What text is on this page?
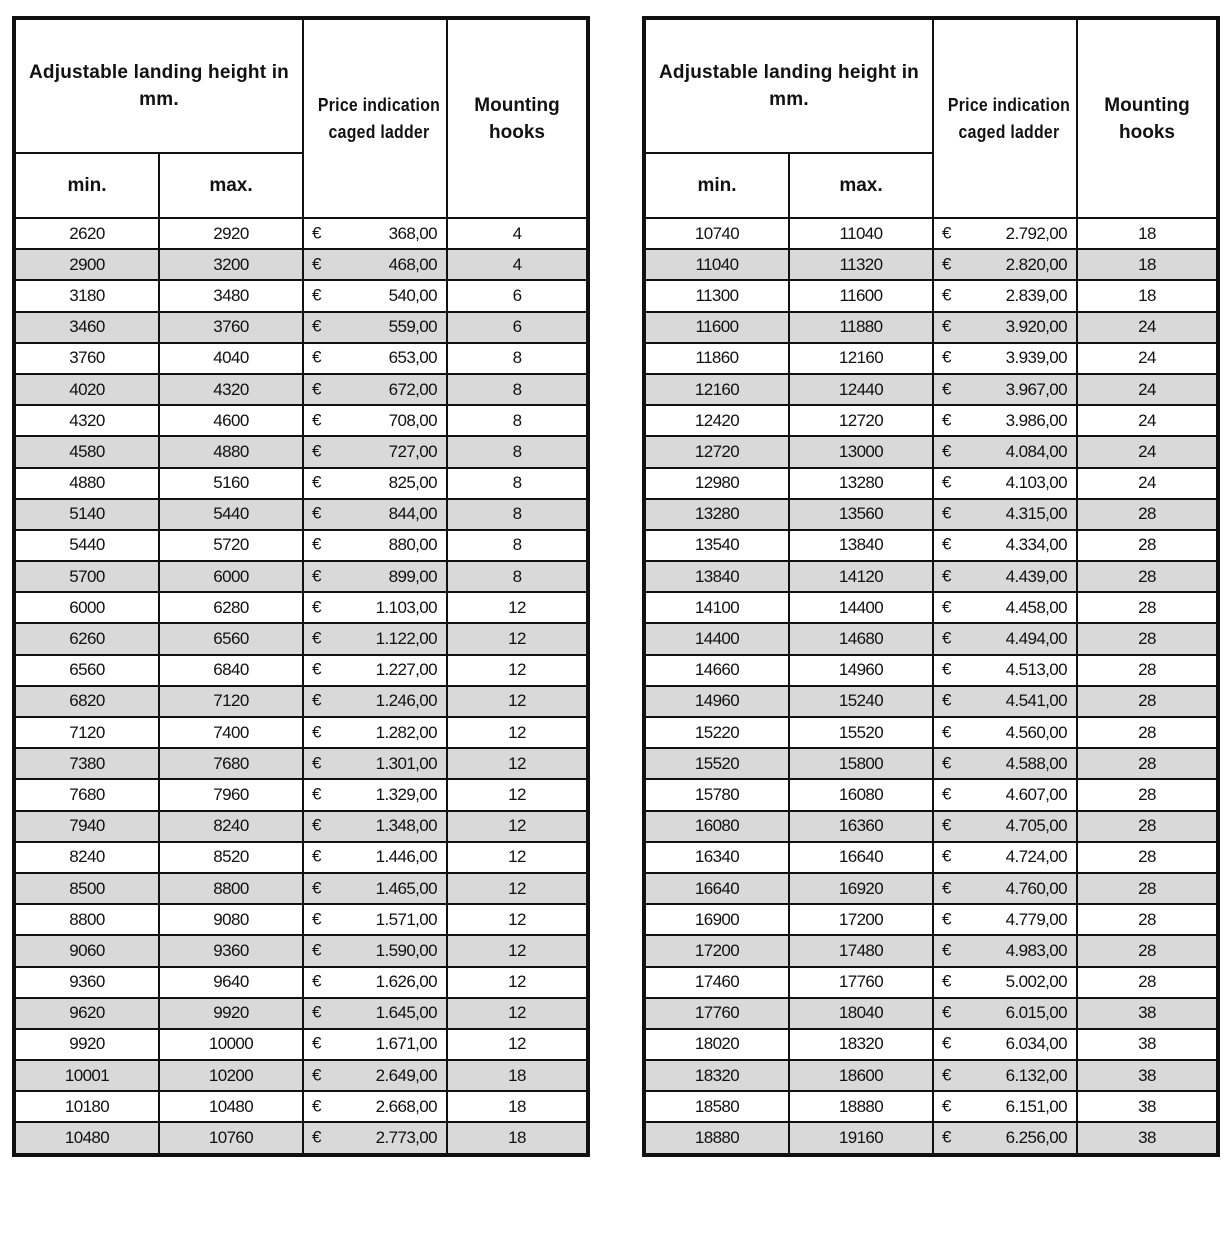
Adjustable landing height in mm.		Price indication caged ladder	Mounting hooks
min.	max.		
2620	2920	€ 368,00	4
2900	3200	€ 468,00	4
3180	3480	€ 540,00	6
3460	3760	€ 559,00	6
3760	4040	€ 653,00	8
4020	4320	€ 672,00	8
4320	4600	€ 708,00	8
4580	4880	€ 727,00	8
4880	5160	€ 825,00	8
5140	5440	€ 844,00	8
5440	5720	€ 880,00	8
5700	6000	€ 899,00	8
6000	6280	€ 1.103,00	12
6260	6560	€ 1.122,00	12
6560	6840	€ 1.227,00	12
6820	7120	€ 1.246,00	12
7120	7400	€ 1.282,00	12
7380	7680	€ 1.301,00	12
7680	7960	€ 1.329,00	12
7940	8240	€ 1.348,00	12
8240	8520	€ 1.446,00	12
8500	8800	€ 1.465,00	12
8800	9080	€ 1.571,00	12
9060	9360	€ 1.590,00	12
9360	9640	€ 1.626,00	12
9620	9920	€ 1.645,00	12
9920	10000	€ 1.671,00	12
10001	10200	€ 2.649,00	18
10180	10480	€ 2.668,00	18
10480	10760	€ 2.773,00	18
Adjustable landing height in mm.		Price indication caged ladder	Mounting hooks
min.	max.		
10740	11040	€ 2.792,00	18
11040	11320	€ 2.820,00	18
11300	11600	€ 2.839,00	18
11600	11880	€ 3.920,00	24
11860	12160	€ 3.939,00	24
12160	12440	€ 3.967,00	24
12420	12720	€ 3.986,00	24
12720	13000	€ 4.084,00	24
12980	13280	€ 4.103,00	24
13280	13560	€ 4.315,00	28
13540	13840	€ 4.334,00	28
13840	14120	€ 4.439,00	28
14100	14400	€ 4.458,00	28
14400	14680	€ 4.494,00	28
14660	14960	€ 4.513,00	28
14960	15240	€ 4.541,00	28
15220	15520	€ 4.560,00	28
15520	15800	€ 4.588,00	28
15780	16080	€ 4.607,00	28
16080	16360	€ 4.705,00	28
16340	16640	€ 4.724,00	28
16640	16920	€ 4.760,00	28
16900	17200	€ 4.779,00	28
17200	17480	€ 4.983,00	28
17460	17760	€ 5.002,00	28
17760	18040	€ 6.015,00	38
18020	18320	€ 6.034,00	38
18320	18600	€ 6.132,00	38
18580	18880	€ 6.151,00	38
18880	19160	€ 6.256,00	38
